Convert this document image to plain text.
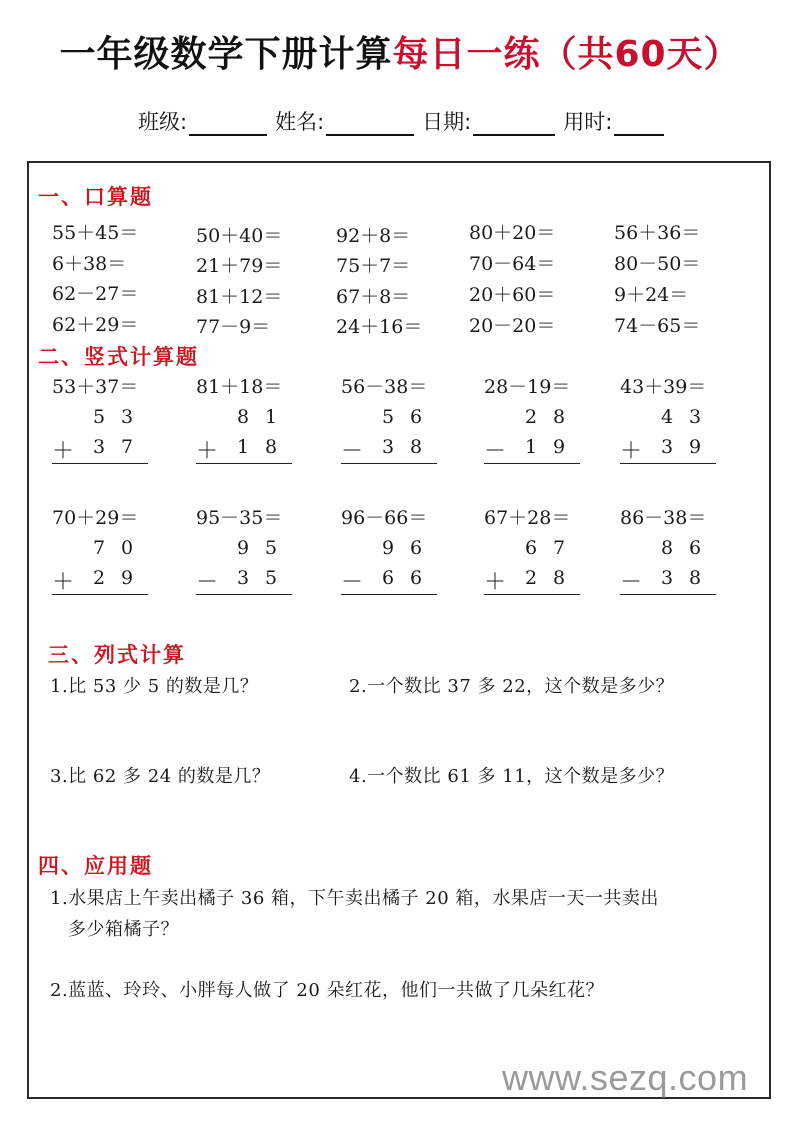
一年级数学下册计算每日一练（共60天）
班级:	姓名:	日期:	用时:
一、口算题
55＋45＝	50＋40＝	92＋8＝	80＋20＝	56＋36＝
6＋38＝	21＋79＝	75＋7＝	70－64＝	80－50＝
62－27＝	81＋12＝	67＋8＝	20＋60＝	9＋24＝
62＋29＝	77－9＝	24＋16＝ 20－20＝	74－65＝
二、竖式计算题
53＋37＝	81＋18＝	56－38＝	28－19＝	43＋39＝
5 3
＋ 3 7
8 1
＋ 1 8
5 6
－ 3 8
2 8
－ 1 9
4 3
＋ 3 9
70＋29＝	95－35＝	96－66＝	67＋28＝	86－38＝
7 0
＋ 2 9
9 5
－ 3 5
9 6
－ 6 6
6 7
＋ 2 8
8 6
－ 3 8
三、列式计算
1.比 53 少 5 的数是几？	2.一个数比 37 多 22，这个数是多少？
3.比 62 多 24 的数是几？	4.一个数比 61 多 11，这个数是多少？
四、应用题
1.水果店上午卖出橘子 36 箱，下午卖出橘子 20 箱，水果店一天一共卖出
多少箱橘子？
2.蓝蓝、玲玲、小胖每人做了 20 朵红花，他们一共做了几朵红花？
www.sezq.com
